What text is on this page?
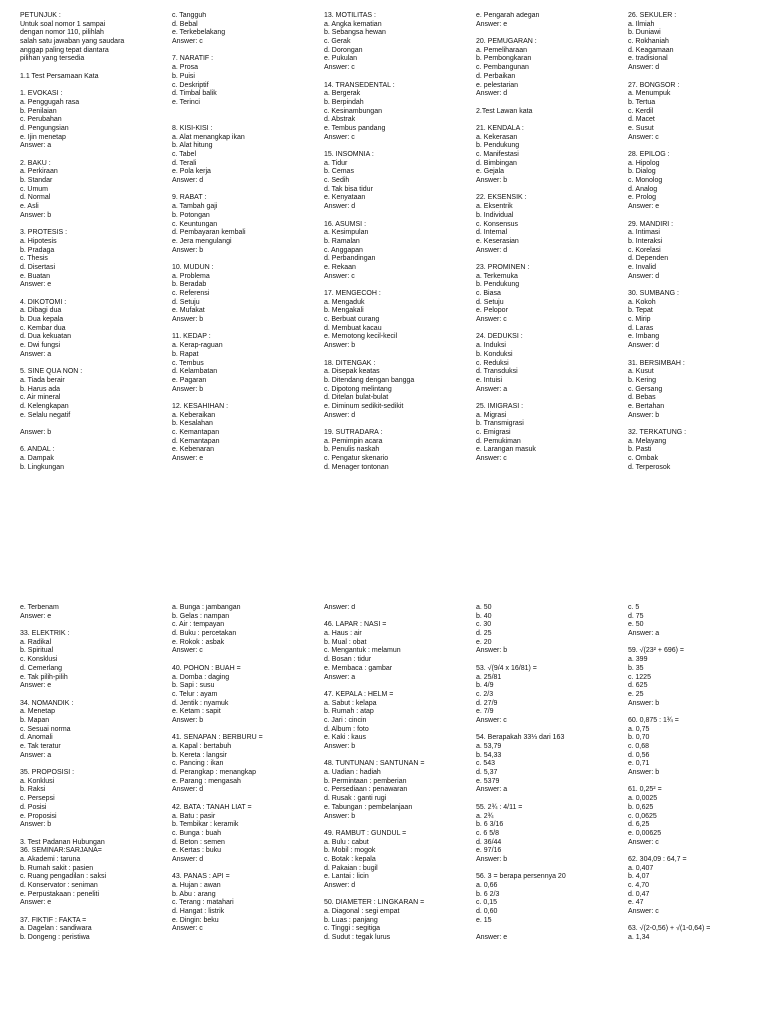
PETUNJUK :
Untuk soal nomor 1 sampai
dengan nomor 110, pilihlah
salah satu jawaban yang saudara
anggap paling tepat diantara
pilihan yang tersedia
1.1 Test Persamaan Kata
1. EVOKASI :
a. Penggugah rasa
b. Penilaian
c. Perubahan
d. Pengungsian
e. Ijin menetap
Answer: a
2. BAKU :
a. Perkiraan
b. Standar
c. Umum
d. Normal
e. Asli
Answer: b
3. PROTESIS :
a. Hipotesis
b. Pradaga
c. Thesis
d. Disertasi
e. Buatan
Answer: e
4. DIKOTOMI :
a. Dibagi dua
b. Dua kepala
c. Kembar dua
d. Dua kekuatan
e. Dwi fungsi
Answer: a
5. SINE QUA NON :
a. Tiada berair
b. Harus ada
c. Air mineral
d. Kelengkapan
e. Selalu negatif
Answer: b
6. ANDAL :
a. Dampak
b. Lingkungan
c. Tangguh
d. Bebal
e. Terkebelakang
Answer: c
7. NARATIF :
a. Prosa
b. Puisi
c. Deskriptif
d. Timbal balik
e. Terinci
8. KISI-KISI :
a. Alat menangkap ikan
b. Alat hitung
c. Tabel
d. Terali
e. Pola kerja
Answer: d
9. RABAT :
a. Tambah gaji
b. Potongan
c. Keuntungan
d. Pembayaran kembali
e. Jera mengulangi
Answer: b
10. MUDUN :
a. Problema
b. Beradab
c. Referensi
d. Setuju
e. Mufakat
Answer: b
11. KEDAP :
a. Kerap-raguan
b. Rapat
c. Tembus
d. Kelambatan
e. Pagaran
Answer: b
12. KESAHIHAN :
a. Keberaikan
b. Kesalahan
c. Kemantapan
d. Kemantapan
e. Kebenaran
Answer: e
13. MOTILITAS :
a. Angka kematian
b. Sebangsa hewan
c. Gerak
d. Dorongan
e. Pukulan
Answer: c
14. TRANSEDENTAL :
a. Bergerak
b. Berpindah
c. Kesinambungan
d. Abstrak
e. Tembus pandang
Answer: c
15. INSOMNIA :
a. Tidur
b. Cemas
c. Sedih
d. Tak bisa tidur
e. Kenyataan
Answer: d
16. ASUMSI :
a. Kesimpulan
b. Ramalan
c. Anggapan
d. Perbandingan
e. Rekaan
Answer: c
17. MENGECOH :
a. Mengaduk
b. Mengakali
c. Berbuat curang
d. Membuat kacau
e. Memotong kecil-kecil
Answer: b
18. DITENGAK :
a. Disepak keatas
b. Ditendang dengan bangga
c. Dipotong melintang
d. Ditelan bulat-bulat
e. Diminum sedikit-sedikit
Answer: d
19. SUTRADARA :
a. Pemimpin acara
b. Penulis naskah
c. Pengatur skenario
d. Menager tontonan
e. Pengarah adegan
Answer: e
20. PEMUGARAN :
a. Pemeliharaan
b. Pembongkaran
c. Pembangunan
d. Perbaikan
e. pelestarian
Answer: d
2.Test Lawan kata
21. KENDALA :
a. Kekerasan
b. Pendukung
c. Manifestasi
d. Bimbingan
e. Gejala
Answer: b
22. EKSENSIK :
a. Eksentrik
b. Individual
c. Konsensus
d. Internal
e. Keserasian
Answer: d
23. PROMINEN :
a. Terkemuka
b. Pendukung
c. Biasa
d. Setuju
e. Pelopor
Answer: c
24. DEDUKSI :
a. Induksi
b. Konduksi
c. Reduksi
d. Transduksi
e. Intuisi
Answer: a
25. IMIGRASI :
a. Migrasi
b. Transmigrasi
c. Emigrasi
d. Pemukiman
e. Larangan masuk
Answer: c
26. SEKULER :
a. Ilmiah
b. Duniawi
c. Rokhaniah
d. Keagamaan
e. tradisional
Answer: d
27. BONGSOR :
a. Menumpuk
b. Tertua
c. Kerdil
d. Macet
e. Susut
Answer: c
28. EPILOG :
a. Hipolog
b. Dialog
c. Monolog
d. Analog
e. Prolog
Answer: e
29. MANDIRI :
a. Intimasi
b. Interaksi
c. Korelasi
d. Dependen
e. Invalid
Answer: d
30. SUMBANG :
a. Kokoh
b. Tepat
c. Mirip
d. Laras
e. Imbang
Answer: d
31. BERSIMBAH :
a. Kusut
b. Kering
c. Gersang
d. Bebas
e. Bertahan
Answer: b
32. TERKATUNG :
a. Melayang
b. Pasti
c. Ombak
d. Terperosok
e. Terbenam
Answer: e
33. ELEKTRIK :
a. Radikal
b. Spiritual
c. Konsklusi
d. Cemerlang
e. Tak pilih-pilih
Answer: e
34. NOMANDIK :
a. Menetap
b. Mapan
c. Sesuai norma
d. Anomali
e. Tak teratur
Answer: a
35. PROPOSISI :
a. Konklusi
b. Raksi
c. Persepsi
d. Posisi
e. Proposisi
Answer: b
3. Test Padanan Hubungan
36. SEMINAR:SARJANA=
a. Akademi : taruna
b. Rumah sakit : pasien
c. Ruang pengadilan : saksi
d. Konservator : seniman
e. Perpustakaan : peneliti
Answer: e
37. FIKTIF : FAKTA =
a. Dagelan : sandiwara
b. Dongeng : peristiwa
a. Bunga : jambangan
b. Gelas : nampan
c. Air : tempayan
d. Buku : percetakan
e. Rokok : asbak
Answer: c
40. POHON : BUAH =
a. Domba : daging
b. Sapi : susu
c. Telur : ayam
d. Jentik : nyamuk
e. Ketam : sapit
Answer: b
41. SENAPAN : BERBURU =
a. Kapal : bertabuh
b. Kereta : langsir
c. Pancing : ikan
d. Perangkap : menangkap
e. Parang : mengasah
Answer: d
42. BATA : TANAH LIAT =
a. Batu : pasir
b. Tembikar : keramik
c. Bunga : buah
d. Beton : semen
e. Kertas : buku
Answer: d
43. PANAS : API =
a. Hujan : awan
b. Abu : arang
c. Terang : matahari
d. Hangat : listrik
e. Dingin: beku
Answer: c
Answer: d
46. LAPAR : NASI =
a. Haus : air
b. Mual : obat
c. Mengantuk : melamun
d. Bosan : tidur
e. Membaca : gambar
Answer: a
47. KEPALA : HELM =
a. Sabut : kelapa
b. Rumah : atap
c. Jari : cincin
d. Album : foto
e. Kaki : kaus
Answer: b
48. TUNTUNAN : SANTUNAN =
a. Uadian : hadiah
b. Permintaan : pemberian
c. Persediaan : penawaran
d. Rusak : ganti rugi
e. Tabungan : pembelanjaan
Answer: b
49. RAMBUT : GUNDUL =
a. Bulu : cabut
b. Mobil : mogok
c. Botak : kepala
d. Pakaian : bugil
e. Lantai : licin
Answer: d
50. DIAMETER : LINGKARAN =
a. Diagonal : segi empat
b. Luas : panjang
c. Tinggi : segitiga
d. Sudut : tegak lurus
a. 50
b. 40
c. 30
d. 25
e. 20
Answer: b
53. √(9/4 x 16/81) =
a. 25/81
b. 4/9
c. 2/3
d. 27/9
e. 7/9
Answer: c
54. Berapakah 33⅓ dari 163
a. 53,79
b. 54,33
c. 543
d. 5,37
e. 5379
Answer: a
55. 2¾ : 4/11 =
a. 2¾
b. 6 3/16
c. 6 5/8
d. 36/44
e. 97/16
Answer: b
56. 3 = berapa persennya 20
a. 0,66
b. 6 2/3
c. 0,15
d. 0,60
e. 15
Answer: e
c. 5
d. 75
e. 50
Answer: a
59. √(23² + 696) =
a. 399
b. 35
c. 1225
d. 625
e. 25
Answer: b
60. 0,875 : 1¾ =
a. 0,75
b. 0,70
c. 0,68
d. 0,56
e. 0,71
Answer: b
61. 0,25² =
a. 0,0025
b. 0,625
c. 0,0625
d. 6,25
e. 0,00625
Answer: c
62. 304,09 : 64,7 =
a. 0,407
b. 4,07
c. 4,70
d. 0,47
e. 47
Answer: c
63. √(2-0,56) + √(1-0,64) =
a. 1,34
